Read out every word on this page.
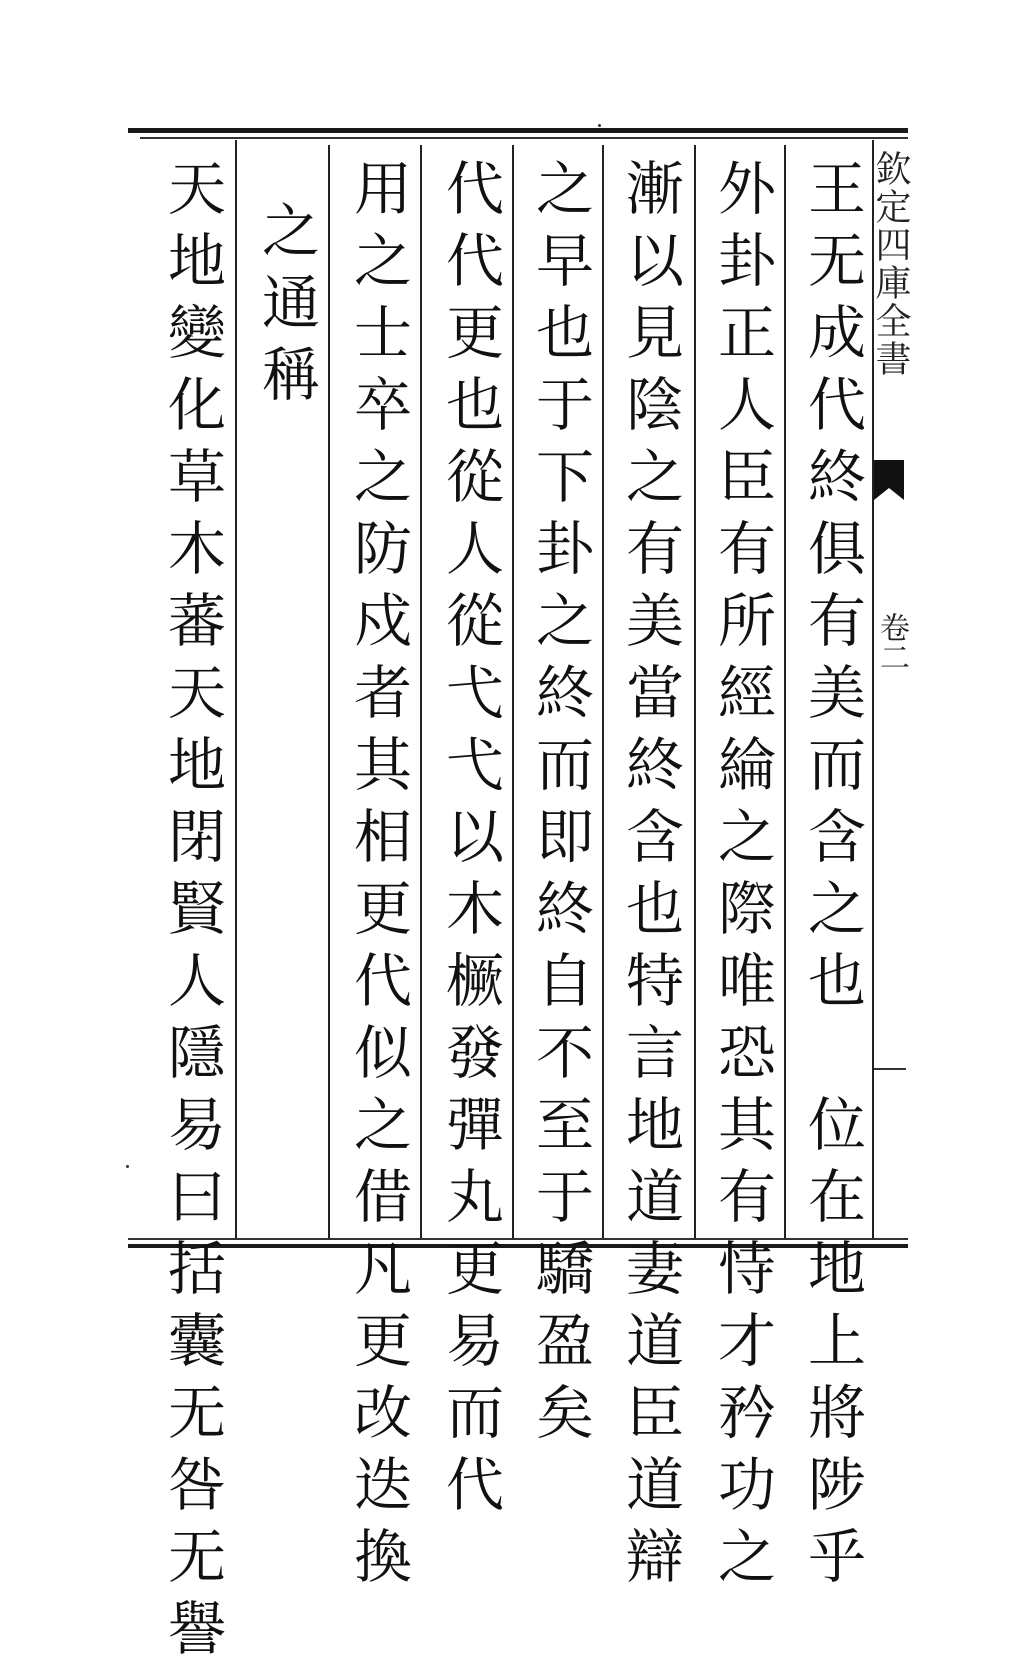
王无成代終俱有美而含之也　位在地上將陟乎
外卦正人臣有所經綸之際唯恐其有恃才矜功之
漸以見陰之有美當終含也特言地道妻道臣道辯
之早也于下卦之終而即終自不至于驕盈矣
代代更也從人從弋弋以木橛發彈丸更易而代
用之士卒之防戍者其相更代似之借凡更改迭換
之通稱
天地變化草木蕃天地閉賢人隱易曰括囊无咎无譽	欽定四庫全書
卷二
